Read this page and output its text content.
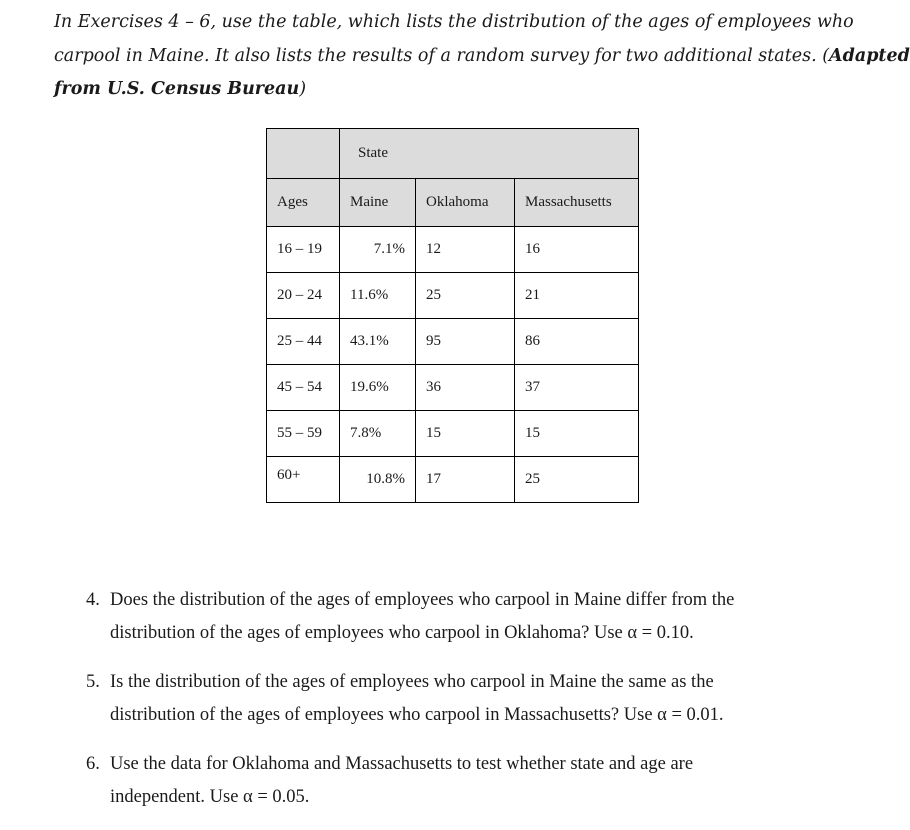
In Exercises 4 – 6, use the table, which lists the distribution of the ages of employees who
carpool in Maine. It also lists the results of a random survey for two additional states. (Adapted
from U.S. Census Bureau)
	State		
Ages	Maine	Oklahoma	Massachusetts
16 – 19	7.1%	12	16
20 – 24	11.6%	25	21
25 – 44	43.1%	95	86
45 – 54	19.6%	36	37
55 – 59	7.8%	15	15
60+	10.8%	17	25
4. Does the distribution of the ages of employees who carpool in Maine differ from the
distribution of the ages of employees who carpool in Oklahoma? Use α = 0.10.
5. Is the distribution of the ages of employees who carpool in Maine the same as the
distribution of the ages of employees who carpool in Massachusetts? Use α = 0.01.
6. Use the data for Oklahoma and Massachusetts to test whether state and age are
independent. Use α = 0.05.
